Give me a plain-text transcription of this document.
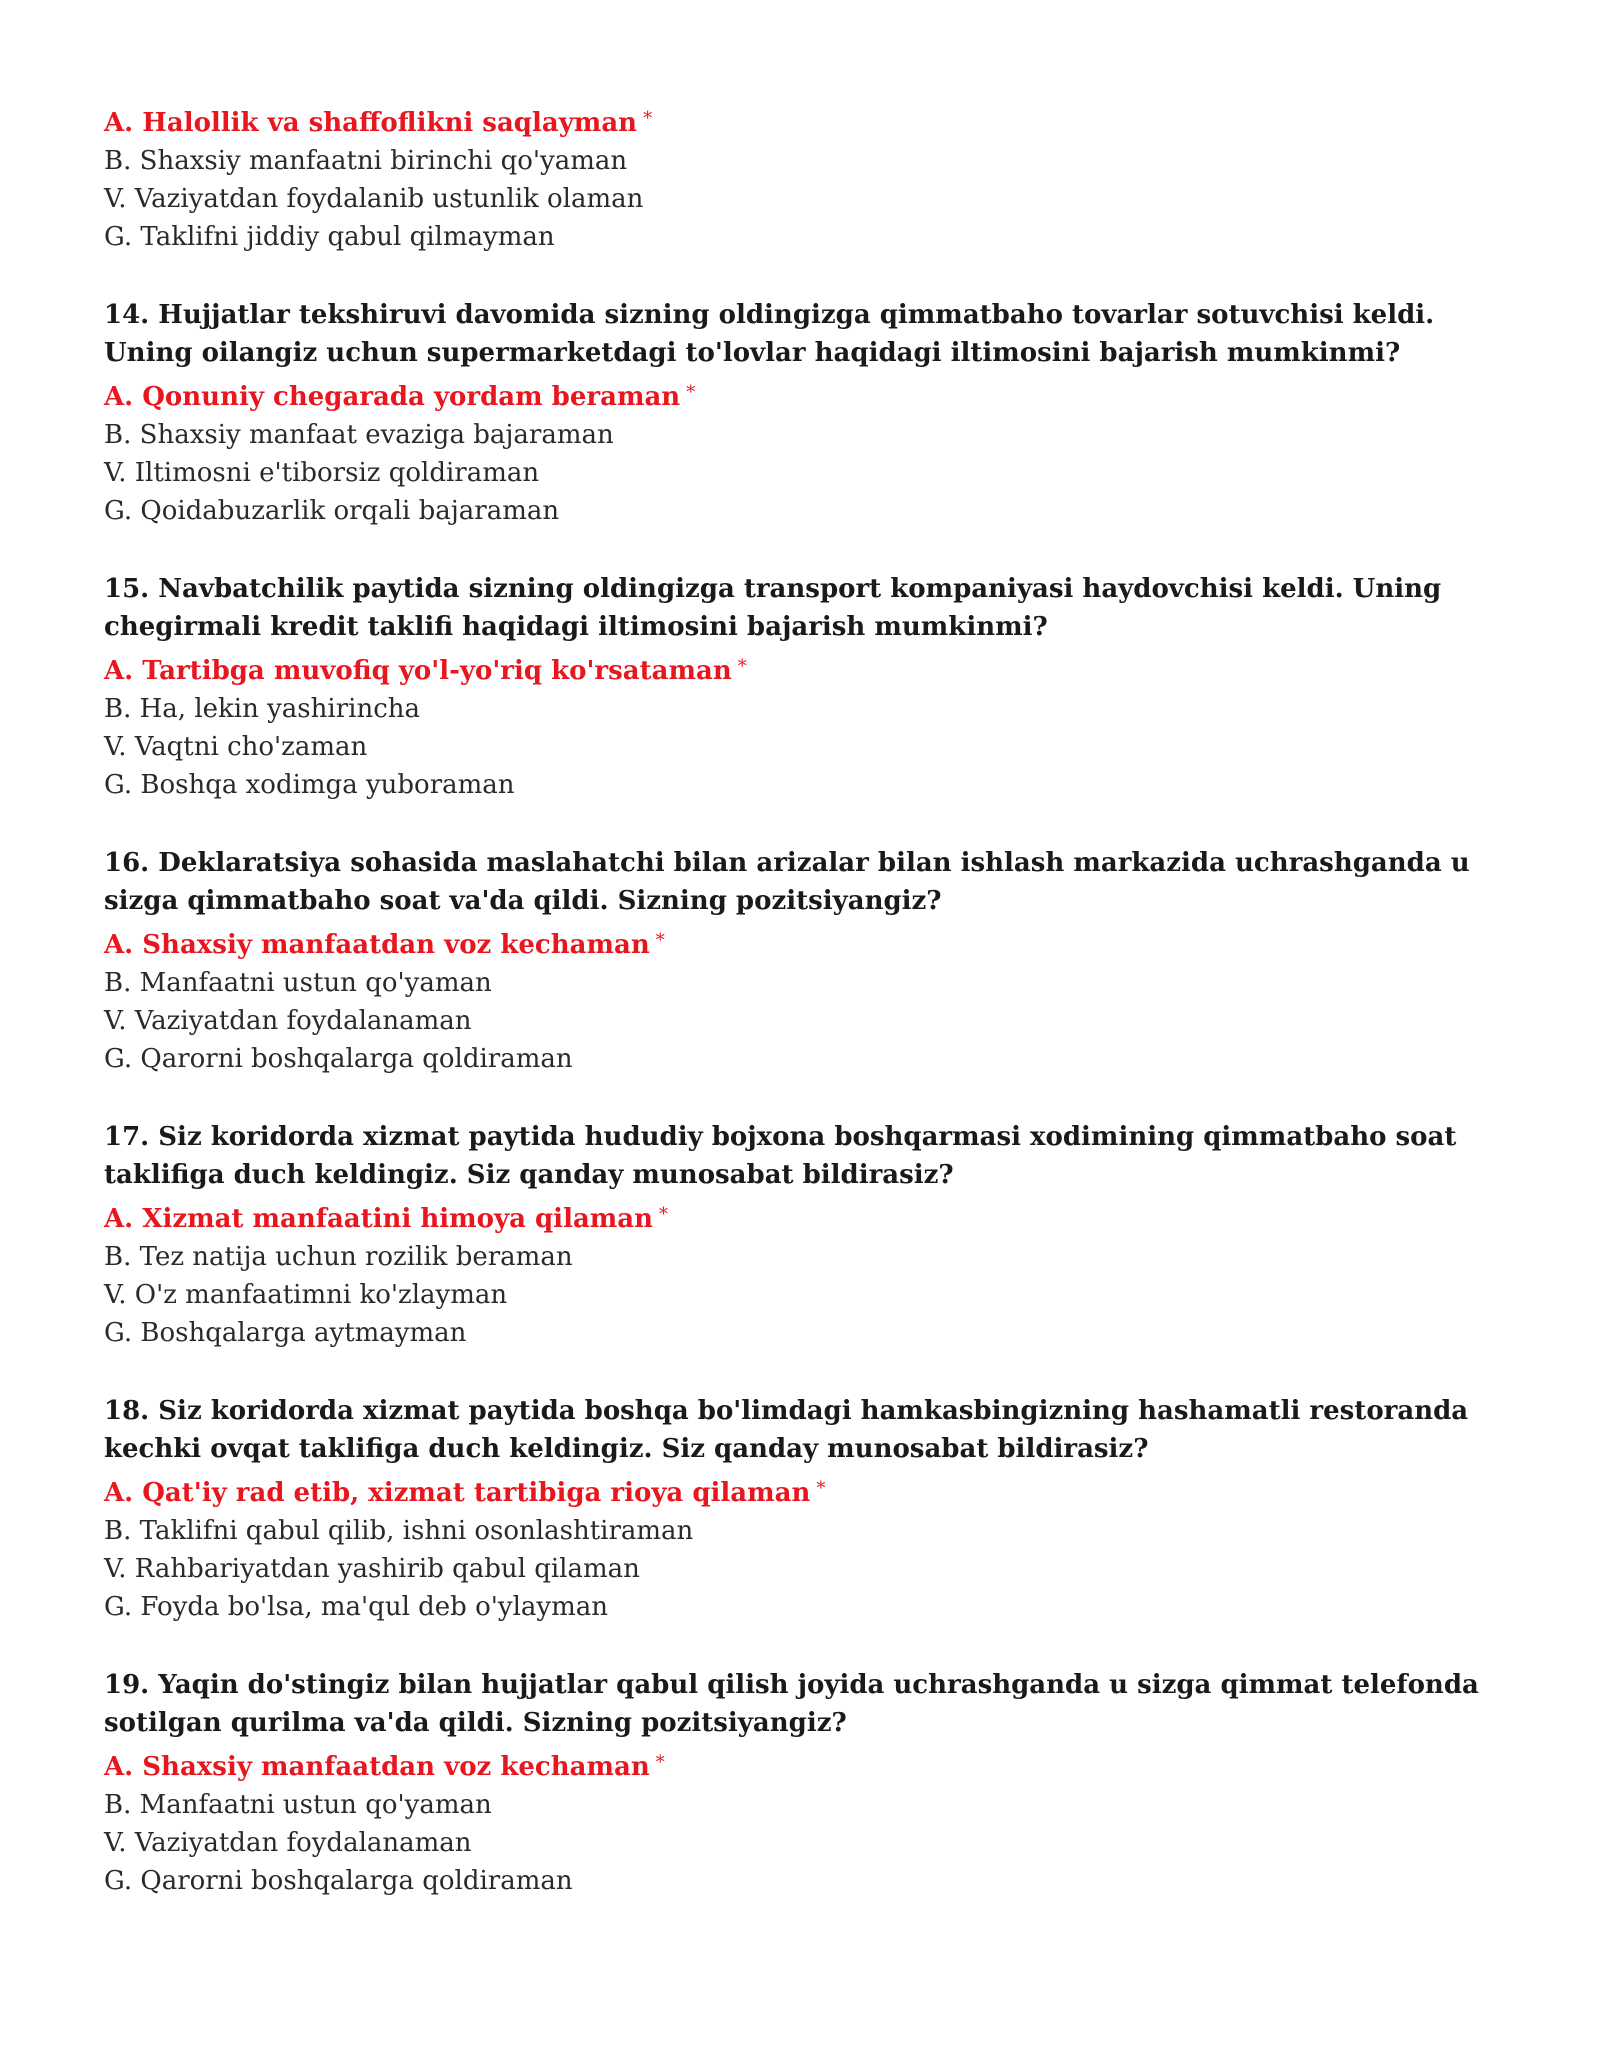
A. Halollik va shaffoflikni saqlayman *
B. Shaxsiy manfaatni birinchi qo'yaman
V. Vaziyatdan foydalanib ustunlik olaman
G. Taklifni jiddiy qabul qilmayman
14. Hujjatlar tekshiruvi davomida sizning oldingizga qimmatbaho tovarlar sotuvchisi keldi. Uning oilangiz uchun supermarketdagi to'lovlar haqidagi iltimosini bajarish mumkinmi?
A. Qonuniy chegarada yordam beraman *
B. Shaxsiy manfaat evaziga bajaraman
V. Iltimosni e'tiborsiz qoldiraman
G. Qoidabuzarlik orqali bajaraman
15. Navbatchilik paytida sizning oldingizga transport kompaniyasi haydovchisi keldi. Uning chegirmali kredit taklifi haqidagi iltimosini bajarish mumkinmi?
A. Tartibga muvofiq yo'l-yo'riq ko'rsataman *
B. Ha, lekin yashirincha
V. Vaqtni cho'zaman
G. Boshqa xodimga yuboraman
16. Deklaratsiya sohasida maslahatchi bilan arizalar bilan ishlash markazida uchrashganda u sizga qimmatbaho soat va'da qildi. Sizning pozitsiyangiz?
A. Shaxsiy manfaatdan voz kechaman *
B. Manfaatni ustun qo'yaman
V. Vaziyatdan foydalanaman
G. Qarorni boshqalarga qoldiraman
17. Siz koridorda xizmat paytida hududiy bojxona boshqarmasi xodimining qimmatbaho soat taklifiga duch keldingiz. Siz qanday munosabat bildirasiz?
A. Xizmat manfaatini himoya qilaman *
B. Tez natija uchun rozilik beraman
V. O'z manfaatimni ko'zlayman
G. Boshqalarga aytmayman
18. Siz koridorda xizmat paytida boshqa bo'limdagi hamkasbingizning hashamatli restoranda kechki ovqat taklifiga duch keldingiz. Siz qanday munosabat bildirasiz?
A. Qat'iy rad etib, xizmat tartibiga rioya qilaman *
B. Taklifni qabul qilib, ishni osonlashtiraman
V. Rahbariyatdan yashirib qabul qilaman
G. Foyda bo'lsa, ma'qul deb o'ylayman
19. Yaqin do'stingiz bilan hujjatlar qabul qilish joyida uchrashganda u sizga qimmat telefonda sotilgan qurilma va'da qildi. Sizning pozitsiyangiz?
A. Shaxsiy manfaatdan voz kechaman *
B. Manfaatni ustun qo'yaman
V. Vaziyatdan foydalanaman
G. Qarorni boshqalarga qoldiraman
